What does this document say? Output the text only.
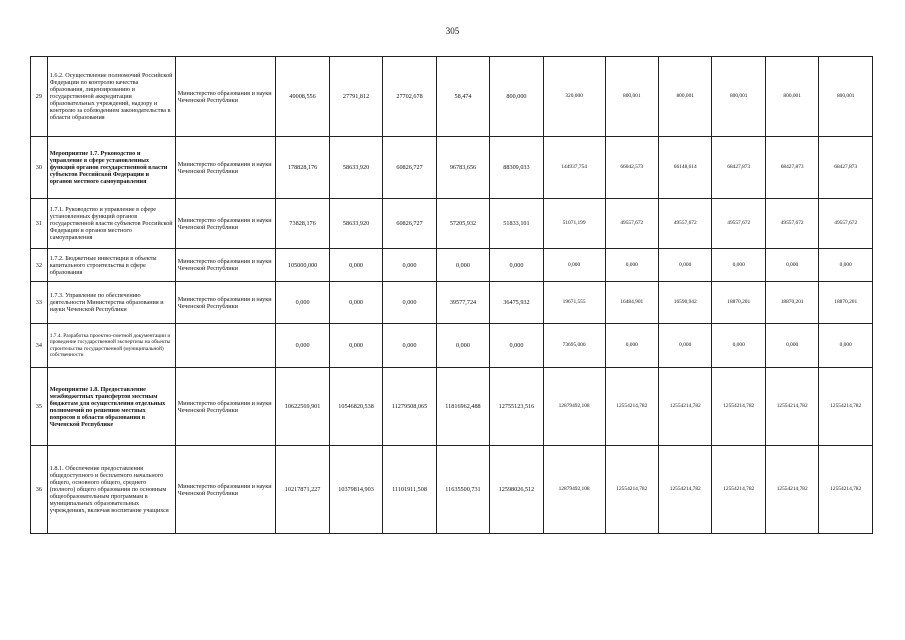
305
29	1.6.2. Осуществление полномочий Российской Федерации по контролю качества образования, лицензированию и государственной аккредитации образовательных учреждений, надзору и контролю за соблюдением законодательства в области образования	Министерство образования и науки Чеченской Республики	49008,556	27791,812	27702,678	58,474	800,000	320,000	800,001	800,001	800,001	800,001	800,001
30	Мероприятие 1.7. Руководство и управление в сфере установленных функций органов государственной власти субъектов Российской Федерации и органов местного самоуправления	Министерство образования и науки Чеченской Республики	178828,176	58633,920	60826,727	96783,656	88309,033	144937,754	66042,573	66148,614	68427,873	68427,873	68427,873
31	1.7.1. Руководство и управление в сфере установленных функций органов государственной власти субъектов Российской Федерации и органов местного самоуправления	Министерство образования и науки Чеченской Республики	73828,176	58633,920	60826,727	57205,932	51833,101	51071,199	49557,672	49557,672	49557,672	49557,672	49557,672
32	1.7.2. Бюджетные инвестиции в объекты капитального строительства в сфере образования	Министерство образования и науки Чеченской Республики	105000,000	0,000	0,000	0,000	0,000	0,000	0,000	0,000	0,000	0,000	0,000
33	1.7.3. Управление по обеспечению деятельности Министерства образования и науки Чеченской Республики	Министерство образования и науки Чеченской Республики	0,000	0,000	0,000	39577,724	36475,932	19671,555	16484,901	16590,942	18870,201	18870,201	18870,201
34	1.7.4. Разработка проектно-сметной документации и проведение государственной экспертизы на объекты строительства государственной (муниципальной) собственности		0,000	0,000	0,000	0,000	0,000	73695,000	0,000	0,000	0,000	0,000	0,000
35	Мероприятие 1.8. Предоставление межбюджетных трансфертов местным бюджетам для осуществления отдельных полномочий по решению местных вопросов в области образования в Чеченской Республике	Министерство образования и науки Чеченской Республики	10622569,901	10546820,538	11279508,065	11816962,488	12755123,516	12879492,108	12554214,782	12554214,782	12554214,782	12554214,782	12554214,782
36	1.8.1. Обеспечение предоставления общедоступного и бесплатного начального общего, основного общего, среднего (полного) общего образования по основным общеобразовательным программам в муниципальных образовательных учреждениях, включая воспитание учащихся	Министерство образования и науки Чеченской Республики	10217871,227	10379814,903	11101911,508	11635500,731	12598026,512	12879492,108	12554214,782	12554214,782	12554214,782	12554214,782	12554214,782
